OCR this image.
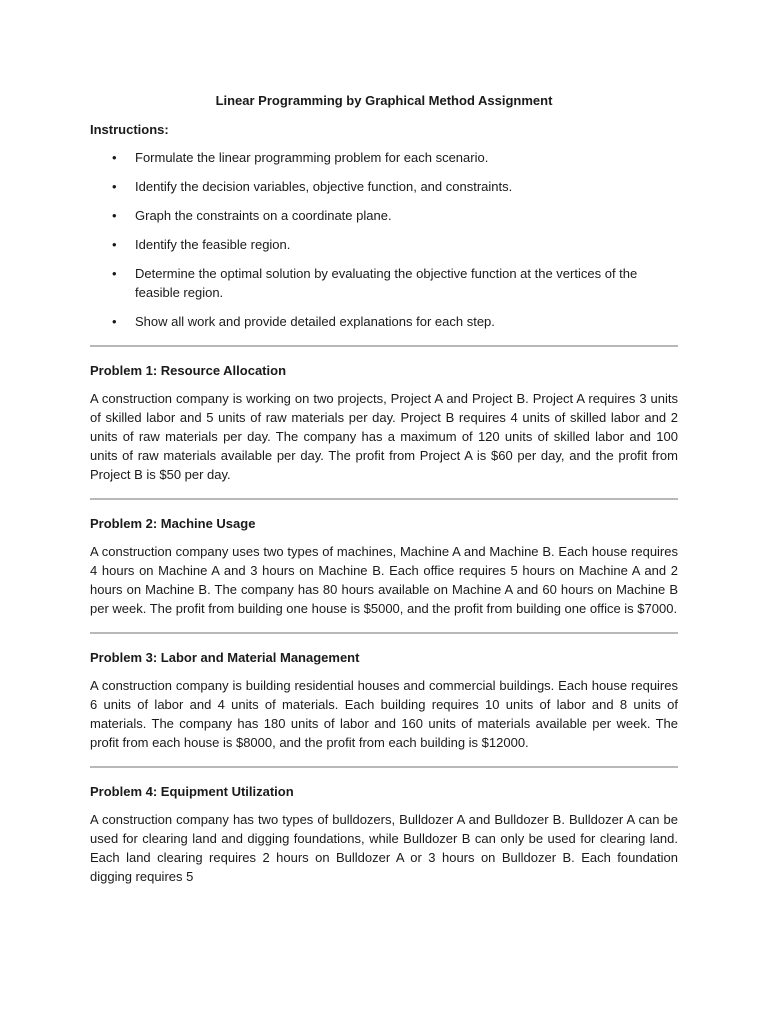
Linear Programming by Graphical Method Assignment
Instructions:
• Formulate the linear programming problem for each scenario.
• Identify the decision variables, objective function, and constraints.
• Graph the constraints on a coordinate plane.
• Identify the feasible region.
• Determine the optimal solution by evaluating the objective function at the vertices of the feasible region.
• Show all work and provide detailed explanations for each step.
Problem 1: Resource Allocation

A construction company is working on two projects, Project A and Project B. Project A requires 3 units of skilled labor and 5 units of raw materials per day. Project B requires 4 units of skilled labor and 2 units of raw materials per day. The company has a maximum of 120 units of skilled labor and 100 units of raw materials available per day. The profit from Project A is $60 per day, and the profit from Project B is $50 per day.

Problem 2: Machine Usage

A construction company uses two types of machines, Machine A and Machine B. Each house requires 4 hours on Machine A and 3 hours on Machine B. Each office requires 5 hours on Machine A and 2 hours on Machine B. The company has 80 hours available on Machine A and 60 hours on Machine B per week. The profit from building one house is $5000, and the profit from building one office is $7000.

Problem 3: Labor and Material Management

A construction company is building residential houses and commercial buildings. Each house requires 6 units of labor and 4 units of materials. Each building requires 10 units of labor and 8 units of materials. The company has 180 units of labor and 160 units of materials available per week. The profit from each house is $8000, and the profit from each building is $12000.

Problem 4: Equipment Utilization

A construction company has two types of bulldozers, Bulldozer A and Bulldozer B. Bulldozer A can be used for clearing land and digging foundations, while Bulldozer B can only be used for clearing land. Each land clearing requires 2 hours on Bulldozer A or 3 hours on Bulldozer B. Each foundation digging requires 5
